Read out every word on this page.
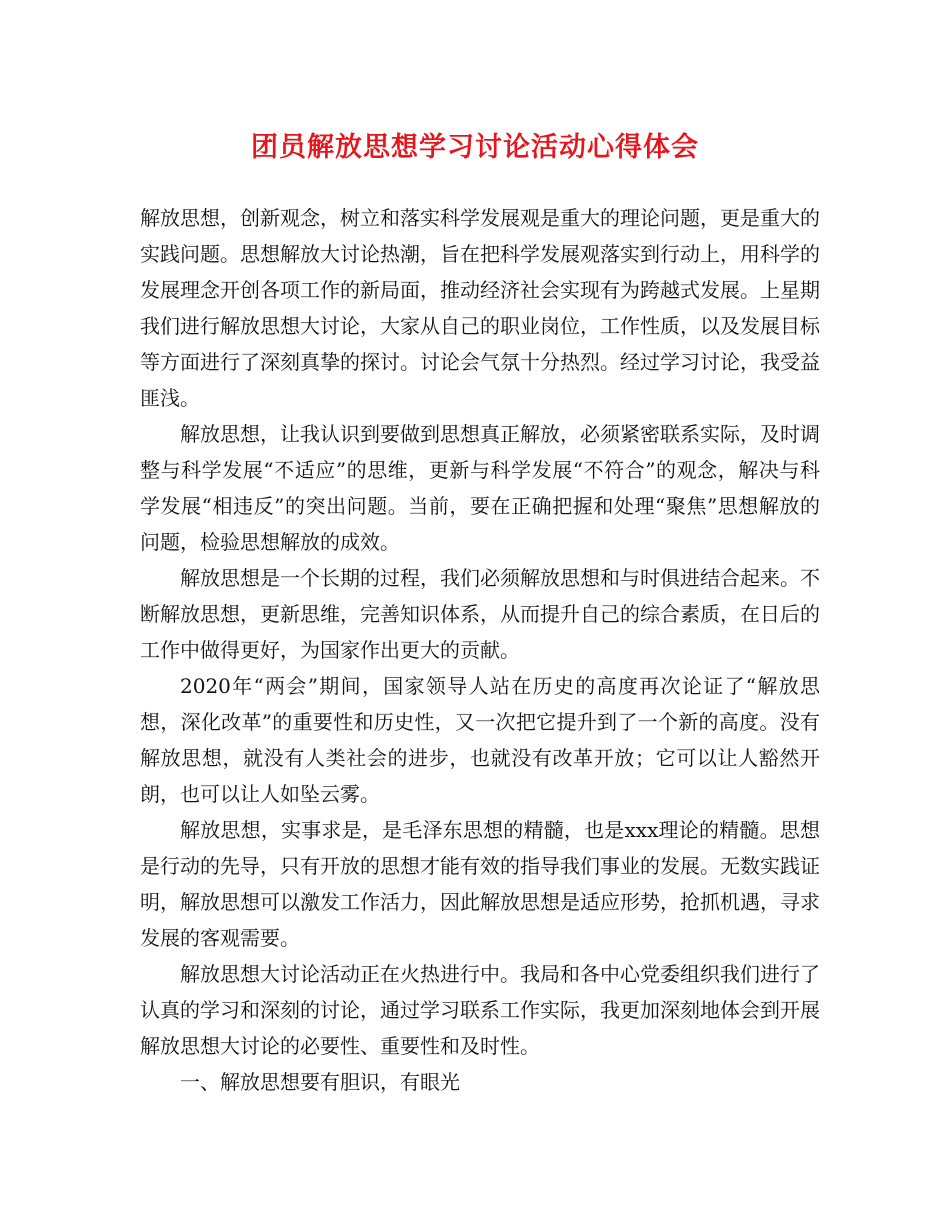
团员解放思想学习讨论活动心得体会

解放思想，创新观念，树立和落实科学发展观是重大的理论问题，更是重大的实践问题。思想解放大讨论热潮，旨在把科学发展观落实到行动上，用科学的发展理念开创各项工作的新局面，推动经济社会实现有为跨越式发展。上星期我们进行解放思想大讨论，大家从自己的职业岗位，工作性质，以及发展目标等方面进行了深刻真挚的探讨。讨论会气氛十分热烈。经过学习讨论，我受益匪浅。

解放思想，让我认识到要做到思想真正解放，必须紧密联系实际，及时调整与科学发展“不适应”的思维，更新与科学发展“不符合”的观念，解决与科学发展“相违反”的突出问题。当前，要在正确把握和处理“聚焦”思想解放的问题，检验思想解放的成效。

解放思想是一个长期的过程，我们必须解放思想和与时俱进结合起来。不断解放思想，更新思维，完善知识体系，从而提升自己的综合素质，在日后的工作中做得更好，为国家作出更大的贡献。

2020年“两会”期间，国家领导人站在历史的高度再次论证了“解放思想，深化改革”的重要性和历史性，又一次把它提升到了一个新的高度。没有解放思想，就没有人类社会的进步，也就没有改革开放；它可以让人豁然开朗，也可以让人如坠云雾。

解放思想，实事求是，是毛泽东思想的精髓，也是xxx理论的精髓。思想是行动的先导，只有开放的思想才能有效的指导我们事业的发展。无数实践证明，解放思想可以激发工作活力，因此解放思想是适应形势，抢抓机遇，寻求发展的客观需要。

解放思想大讨论活动正在火热进行中。我局和各中心党委组织我们进行了认真的学习和深刻的讨论，通过学习联系工作实际，我更加深刻地体会到开展解放思想大讨论的必要性、重要性和及时性。

一、解放思想要有胆识，有眼光
